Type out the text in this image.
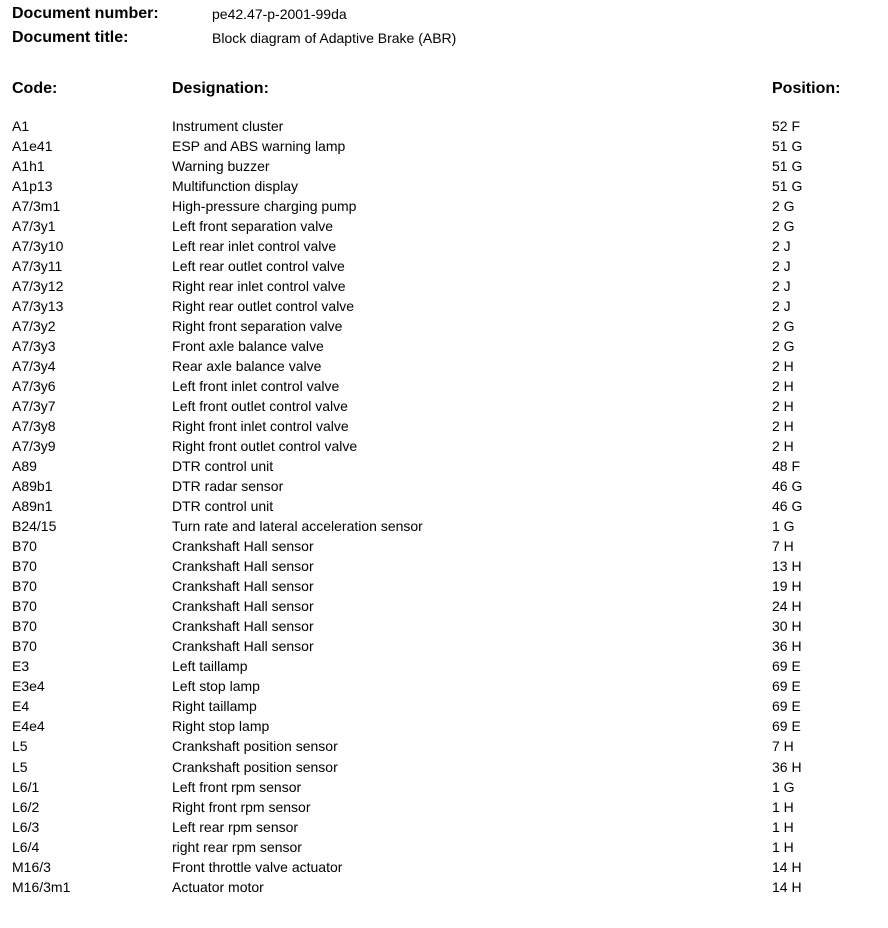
Document number:	pe42.47-p-2001-99da
Document title:	Block diagram of Adaptive Brake (ABR)
Code:	Designation:	Position:
A1	Instrument cluster	52 F
A1e41	ESP and ABS warning lamp	51 G
A1h1	Warning buzzer	51 G
A1p13	Multifunction display	51 G
A7/3m1	High-pressure charging pump	2 G
A7/3y1	Left front separation valve	2 G
A7/3y10	Left rear inlet control valve	2 J
A7/3y11	Left rear outlet control valve	2 J
A7/3y12	Right rear inlet control valve	2 J
A7/3y13	Right rear outlet control valve	2 J
A7/3y2	Right front separation valve	2 G
A7/3y3	Front axle balance valve	2 G
A7/3y4	Rear axle balance valve	2 H
A7/3y6	Left front inlet control valve	2 H
A7/3y7	Left front outlet control valve	2 H
A7/3y8	Right front inlet control valve	2 H
A7/3y9	Right front outlet control valve	2 H
A89	DTR control unit	48 F
A89b1	DTR radar sensor	46 G
A89n1	DTR control unit	46 G
B24/15	Turn rate and lateral acceleration sensor	1 G
B70	Crankshaft Hall sensor	7 H
B70	Crankshaft Hall sensor	13 H
B70	Crankshaft Hall sensor	19 H
B70	Crankshaft Hall sensor	24 H
B70	Crankshaft Hall sensor	30 H
B70	Crankshaft Hall sensor	36 H
E3	Left taillamp	69 E
E3e4	Left stop lamp	69 E
E4	Right taillamp	69 E
E4e4	Right stop lamp	69 E
L5	Crankshaft position sensor	7 H
L5	Crankshaft position sensor	36 H
L6/1	Left front rpm sensor	1 G
L6/2	Right front rpm sensor	1 H
L6/3	Left rear rpm sensor	1 H
L6/4	right rear rpm sensor	1 H
M16/3	Front throttle valve actuator	14 H
M16/3m1	Actuator motor	14 H
